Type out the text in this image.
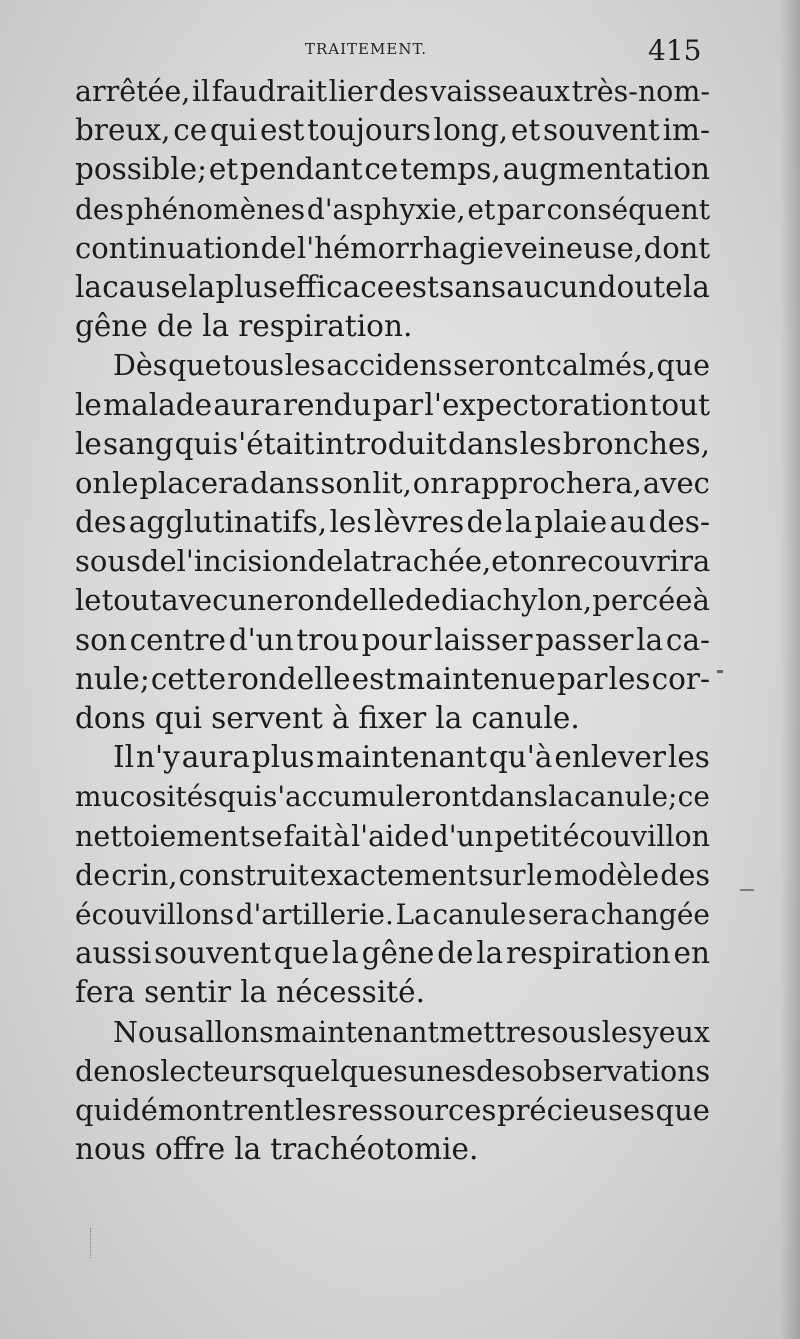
TRAITEMENT.	415
arrêtée, il faudrait lier des vaisseaux très-nom-
breux, ce qui est toujours long, et souvent im-
possible; et pendant ce temps, augmentation
des phénomènes d'asphyxie, et par conséquent
continuation de l'hémorrhagie veineuse, dont
la cause la plus efficace est sans aucun doute la
gêne de la respiration.
Dès que tous les accidens seront calmés, que
le malade aura rendu par l'expectoration tout
le sang qui s'était introduit dans les bronches,
on le placera dans son lit, on rapprochera, avec
des agglutinatifs, les lèvres de la plaie au des-
sous de l'incision de la trachée, et on recouvrira
le tout avec une rondelle de diachylon, percée à
son centre d'un trou pour laisser passer la ca-
nule; cette rondelle est maintenue par les cor-
dons qui servent à fixer la canule.
Il n'y aura plus maintenant qu'à enlever les
mucosités qui s'accumuleront dans la canule; ce
nettoiement se fait à l'aide d'un petit écouvillon
de crin, construit exactement sur le modèle des
écouvillons d'artillerie. La canule sera changée
aussi souvent que la gêne de la respiration en
fera sentir la nécessité.
Nous allons maintenant mettre sous les yeux
de nos lecteurs quelques unes des observations
qui démontrent les ressources précieuses que
nous offre la trachéotomie.
